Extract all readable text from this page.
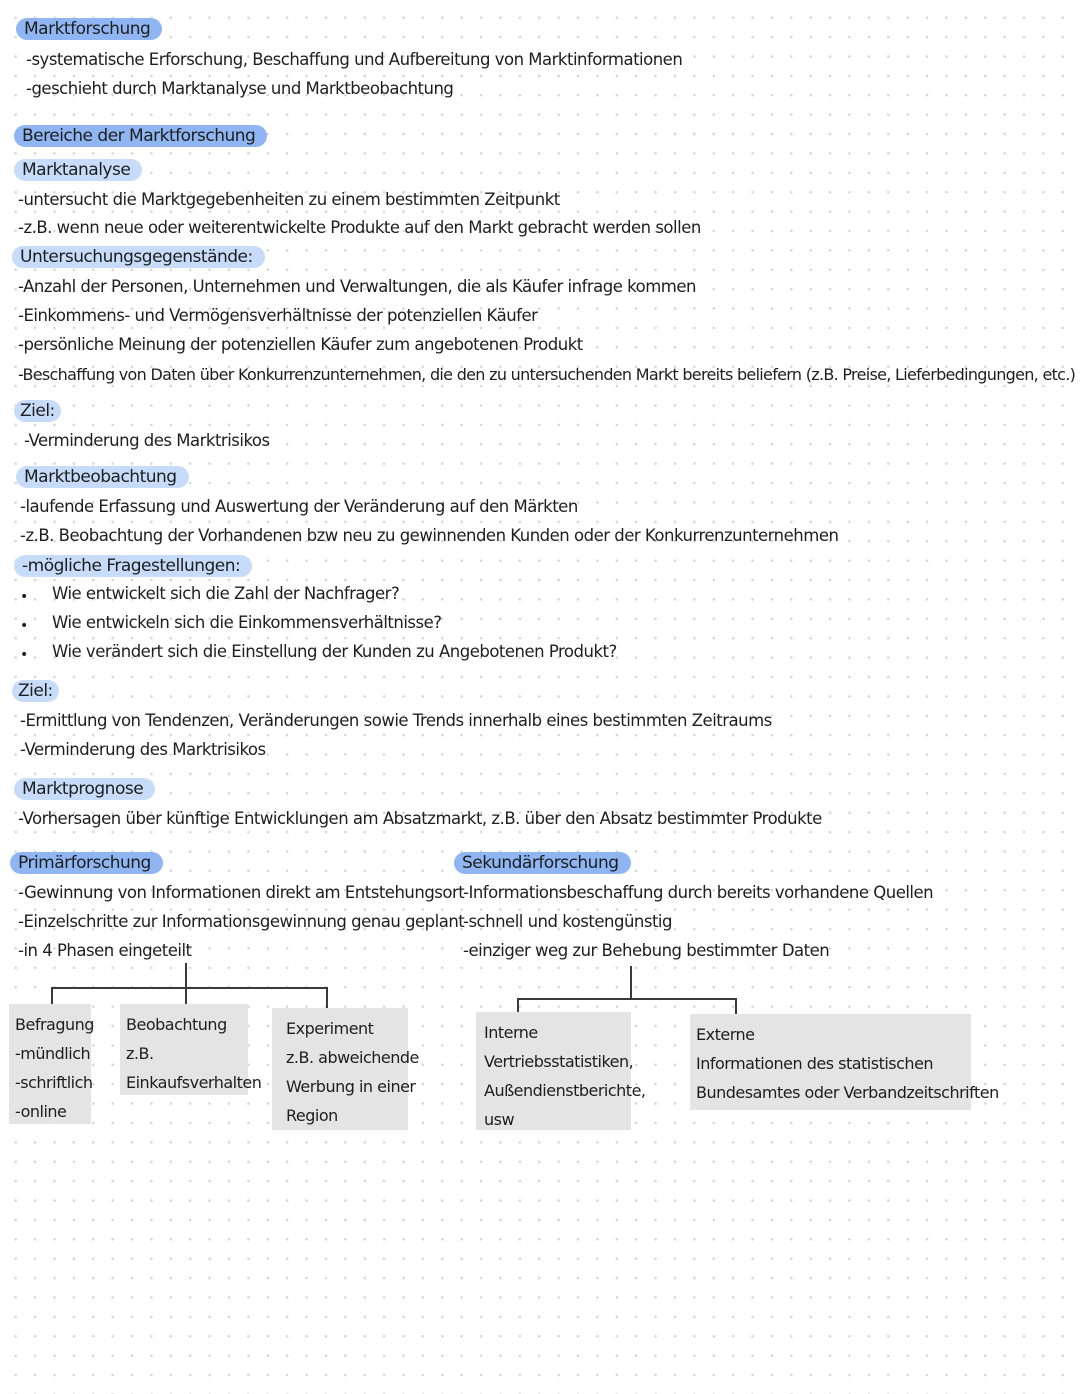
Marktforschung
-systematische Erforschung, Beschaffung und Aufbereitung von Marktinformationen
-geschieht durch Marktanalyse und Marktbeobachtung
Bereiche der Marktforschung
Marktanalyse
-untersucht die Marktgegebenheiten zu einem bestimmten Zeitpunkt
-z.B. wenn neue oder weiterentwickelte Produkte auf den Markt gebracht werden sollen
Untersuchungsgegenstände:
-Anzahl der Personen, Unternehmen und Verwaltungen, die als Käufer infrage kommen
-Einkommens- und Vermögensverhältnisse der potenziellen Käufer
-persönliche Meinung der potenziellen Käufer zum angebotenen Produkt
-Beschaffung von Daten über Konkurrenzunternehmen, die den zu untersuchenden Markt bereits beliefern (z.B. Preise, Lieferbedingungen, etc.)
Ziel:
-Verminderung des Marktrisikos
Marktbeobachtung
-laufende Erfassung und Auswertung der Veränderung auf den Märkten
-z.B. Beobachtung der Vorhandenen bzw neu zu gewinnenden Kunden oder der Konkurrenzunternehmen
-mögliche Fragestellungen:
• Wie entwickelt sich die Zahl der Nachfrager?
• Wie entwickeln sich die Einkommensverhältnisse?
• Wie verändert sich die Einstellung der Kunden zu Angebotenen Produkt?
Ziel:
-Ermittlung von Tendenzen, Veränderungen sowie Trends innerhalb eines bestimmten Zeitraums
-Verminderung des Marktrisikos
Marktprognose
-Vorhersagen über künftige Entwicklungen am Absatzmarkt, z.B. über den Absatz bestimmter Produkte
Primärforschung
-Gewinnung von Informationen direkt am Entstehungsort
-Einzelschritte zur Informationsgewinnung genau geplant
-in 4 Phasen eingeteilt
Sekundärforschung
-Informationsbeschaffung durch bereits vorhandene Quellen
-schnell und kostengünstig
-einziger weg zur Behebung bestimmter Daten
Befragung
-mündlich
-schriftlich
-online
Beobachtung
z.B.
Einkaufsverhalten
Experiment
z.B. abweichende
Werbung in einer
Region
Interne
Vertriebsstatistiken,
Außendienstberichte,
usw
Externe
Informationen des statistischen
Bundesamtes oder Verbandzeitschriften
